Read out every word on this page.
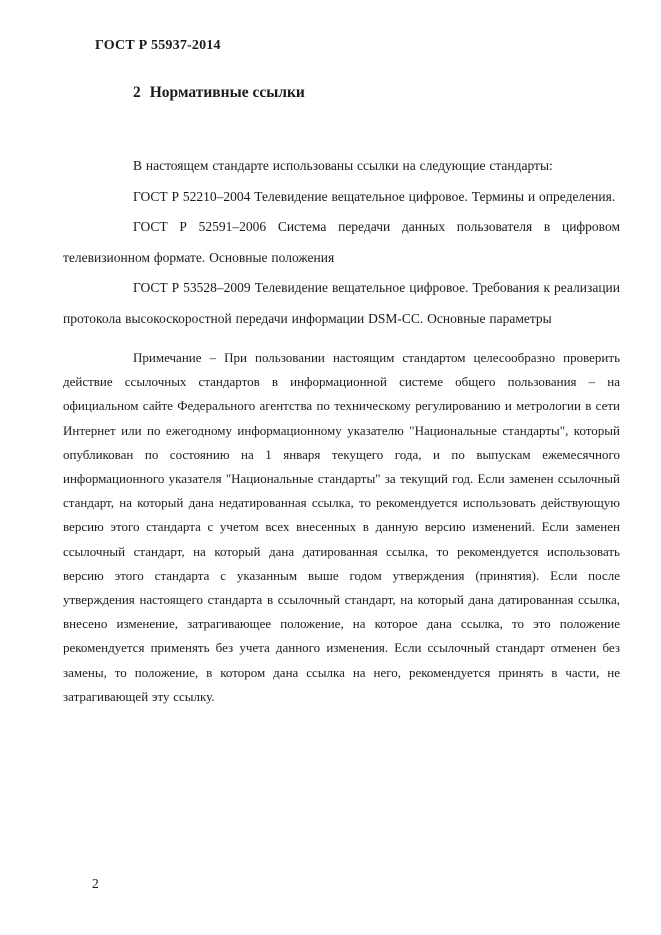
ГОСТ Р 55937-2014
2 Нормативные ссылки

В настоящем стандарте использованы ссылки на следующие стандарты:

ГОСТ Р 52210–2004 Телевидение вещательное цифровое. Термины и определения.

ГОСТ Р 52591–2006 Система передачи данных пользователя в цифровом телевизионном формате. Основные положения

ГОСТ Р 53528–2009 Телевидение вещательное цифровое. Требования к реализации протокола высокоскоростной передачи информации DSM-CC. Основные параметры

Примечание – При пользовании настоящим стандартом целесообразно проверить действие ссылочных стандартов в информационной системе общего пользования – на официальном сайте Федерального агентства по техническому регулированию и метрологии в сети Интернет или по ежегодному информационному указателю "Национальные стандарты", который опубликован по состоянию на 1 января текущего года, и по выпускам ежемесячного информационного указателя "Национальные стандарты" за текущий год. Если заменен ссылочный стандарт, на который дана недатированная ссылка, то рекомендуется использовать действующую версию этого стандарта с учетом всех внесенных в данную версию изменений. Если заменен ссылочный стандарт, на который дана датированная ссылка, то рекомендуется использовать версию этого стандарта с указанным выше годом утверждения (принятия). Если после утверждения настоящего стандарта в ссылочный стандарт, на который дана датированная ссылка, внесено изменение, затрагивающее положение, на которое дана ссылка, то это положение рекомендуется применять без учета данного изменения. Если ссылочный стандарт отменен без замены, то положение, в котором дана ссылка на него, рекомендуется принять в части, не затрагивающей эту ссылку.
2
